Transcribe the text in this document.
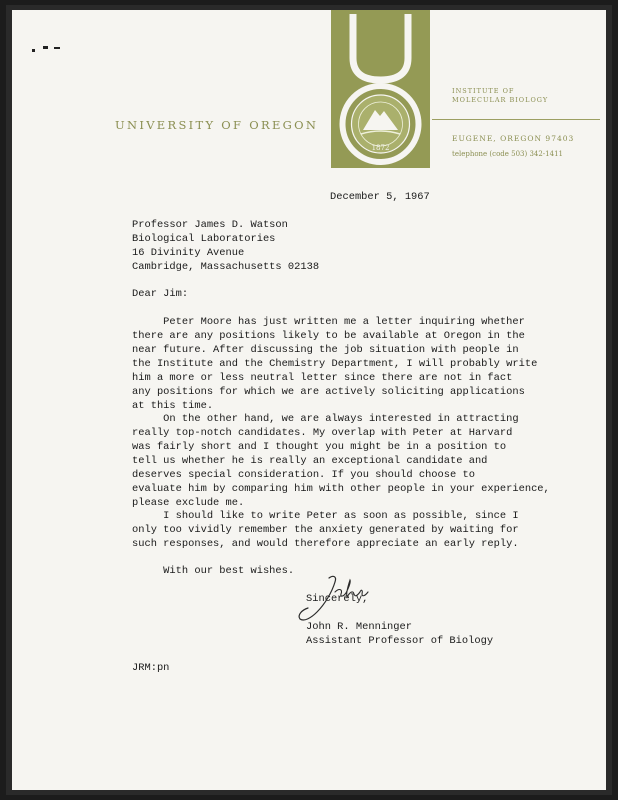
UNIVERSITY OF OREGON
1872
INSTITUTE OF
MOLECULAR BIOLOGY
EUGENE, OREGON 97403
telephone (code 503) 342-1411
December 5, 1967
Professor James D. Watson
Biological Laboratories
16 Divinity Avenue
Cambridge, Massachusetts 02138
Dear Jim:
Peter Moore has just written me a letter inquiring whether
there are any positions likely to be available at Oregon in the
near future. After discussing the job situation with people in
the Institute and the Chemistry Department, I will probably write
him a more or less neutral letter since there are not in fact
any positions for which we are actively soliciting applications
at this time.
On the other hand, we are always interested in attracting
really top-notch candidates. My overlap with Peter at Harvard
was fairly short and I thought you might be in a position to
tell us whether he is really an exceptional candidate and
deserves special consideration. If you should choose to
evaluate him by comparing him with other people in your experience,
please exclude me.
I should like to write Peter as soon as possible, since I
only too vividly remember the anxiety generated by waiting for
such responses, and would therefore appreciate an early reply.
With our best wishes.
Sincerely,
John R. Menninger
Assistant Professor of Biology
JRM:pn
